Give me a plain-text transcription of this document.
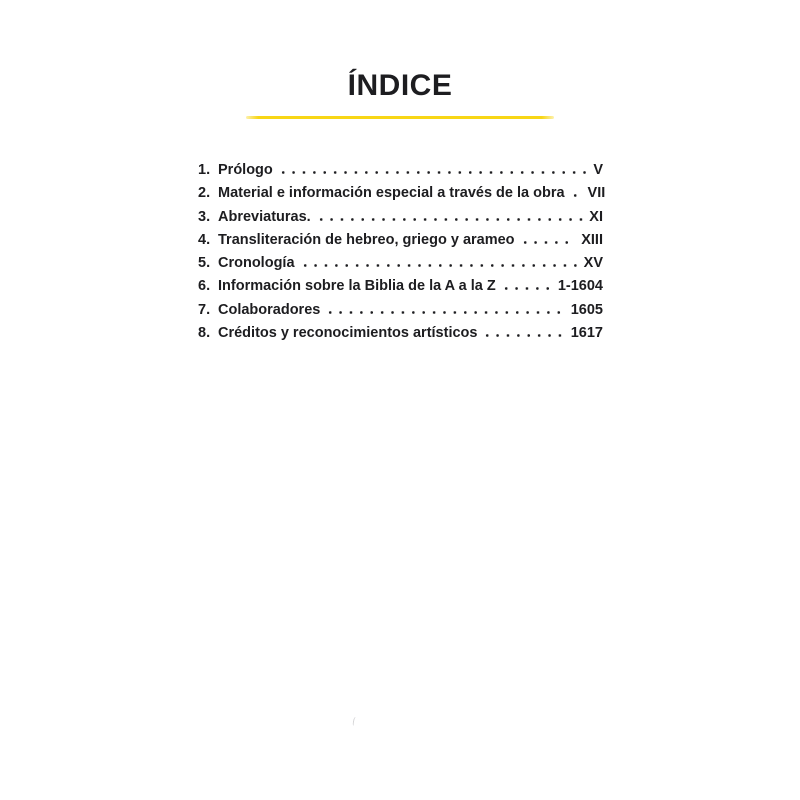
ÍNDICE
1. Prólogo	V
2. Material e información especial a través de la obra VII
3. Abreviaturas.	XI
4. Transliteración de hebreo, griego y arameo	XIII
5. Cronología	XV
6. Información sobre la Biblia de la A a la Z	1-1604
7. Colaboradores	1605
8. Créditos y reconocimientos artísticos	1617
